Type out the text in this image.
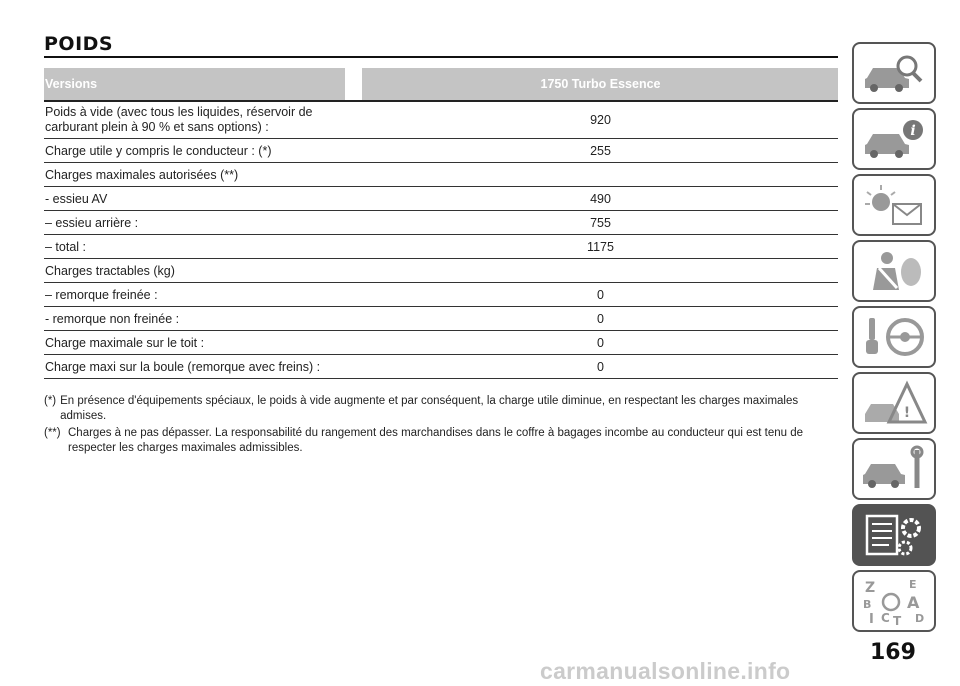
POIDS
Versions		1750 Turbo Essence
Poids à vide (avec tous les liquides, réservoir de carburant plein à 90 % et sans options) :		920
Charge utile y compris le conducteur : (*)		255
Charges maximales autorisées (**)		
- essieu AV		490
– essieu arrière :		755
– total :		1175
Charges tractables (kg)		
– remorque freinée :		0
- remorque non freinée :		0
Charge maximale sur le toit :		0
Charge maxi sur la boule (remorque avec freins) :		0
(*) En présence d'équipements spéciaux, le poids à vide augmente et par conséquent, la charge utile diminue, en respectant les charges maximales admises.
(**) Charges à ne pas dépasser. La responsabilité du rangement des marchandises dans le coffre à bagages incombe au conducteur qui est tenu de respecter les charges maximales admissibles.
i
!
Z	E
B A
I C T D
169
carmanualsonline.info
